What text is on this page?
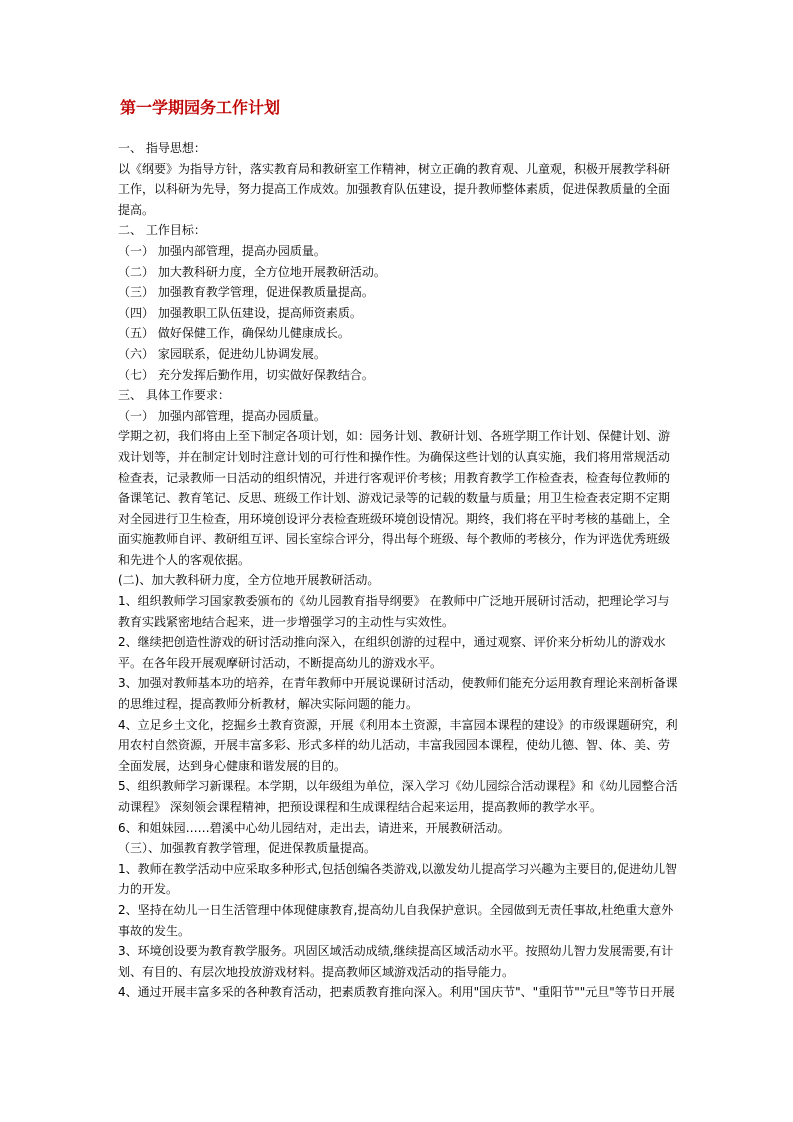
第一学期园务工作计划

一、 指导思想：

以《纲要》为指导方针，落实教育局和教研室工作精神，树立正确的教育观、儿童观，积极开展教学科研工作，以科研为先导，努力提高工作成效。加强教育队伍建设，提升教师整体素质，促进保教质量的全面提高。

二、 工作目标：

（一） 加强内部管理，提高办园质量。

（二） 加大教科研力度，全方位地开展教研活动。

（三） 加强教育教学管理，促进保教质量提高。

（四） 加强教职工队伍建设，提高师资素质。

（五） 做好保健工作，确保幼儿健康成长。

（六） 家园联系，促进幼儿协调发展。

（七） 充分发挥后勤作用，切实做好保教结合。

三、 具体工作要求：

（一） 加强内部管理，提高办园质量。

学期之初，我们将由上至下制定各项计划，如：园务计划、教研计划、各班学期工作计划、保健计划、游戏计划等，并在制定计划时注意计划的可行性和操作性。为确保这些计划的认真实施，我们将用常规活动检查表，记录教师一日活动的组织情况，并进行客观评价考核；用教育教学工作检查表，检查每位教师的备课笔记、教育笔记、反思、班级工作计划、游戏记录等的记载的数量与质量；用卫生检查表定期不定期对全园进行卫生检查，用环境创设评分表检查班级环境创设情况。期终，我们将在平时考核的基础上，全面实施教师自评、教研组互评、园长室综合评分，得出每个班级、每个教师的考核分，作为评选优秀班级和先进个人的客观依据。

(二)、加大教科研力度，全方位地开展教研活动。

1、组织教师学习国家教委颁布的《幼儿园教育指导纲要》 在教师中广泛地开展研讨活动，把理论学习与教育实践紧密地结合起来，进一步增强学习的主动性与实效性。

2、继续把创造性游戏的研讨活动推向深入，在组织创游的过程中，通过观察、评价来分析幼儿的游戏水平。在各年段开展观摩研讨活动，不断提高幼儿的游戏水平。

3、加强对教师基本功的培养，在青年教师中开展说课研讨活动，使教师们能充分运用教育理论来剖析备课的思维过程，提高教师分析教材，解决实际问题的能力。

4、立足乡土文化，挖掘乡土教育资源，开展《利用本土资源，丰富园本课程的建设》的市级课题研究，利用农村自然资源，开展丰富多彩、形式多样的幼儿活动，丰富我园园本课程，使幼儿德、智、体、美、劳全面发展，达到身心健康和谐发展的目的。

5、组织教师学习新课程。本学期，以年级组为单位，深入学习《幼儿园综合活动课程》和《幼儿园整合活动课程》 深刻领会课程精神，把预设课程和生成课程结合起来运用，提高教师的教学水平。

6、和姐妹园……碧溪中心幼儿园结对，走出去，请进来，开展教研活动。

（三）、加强教育教学管理，促进保教质量提高。

1、教师在教学活动中应采取多种形式,包括创编各类游戏,以激发幼儿提高学习兴趣为主要目的,促进幼儿智力的开发。

2、坚持在幼儿一日生活管理中体现健康教育,提高幼儿自我保护意识。全园做到无责任事故,杜绝重大意外事故的发生。

3、环境创设要为教育教学服务。巩固区域活动成绩,继续提高区域活动水平。按照幼儿智力发展需要,有计划、有目的、有层次地投放游戏材料。提高教师区域游戏活动的指导能力。

4、通过开展丰富多采的各种教育活动，把素质教育推向深入。利用"国庆节"、"重阳节""元旦"等节日开展
